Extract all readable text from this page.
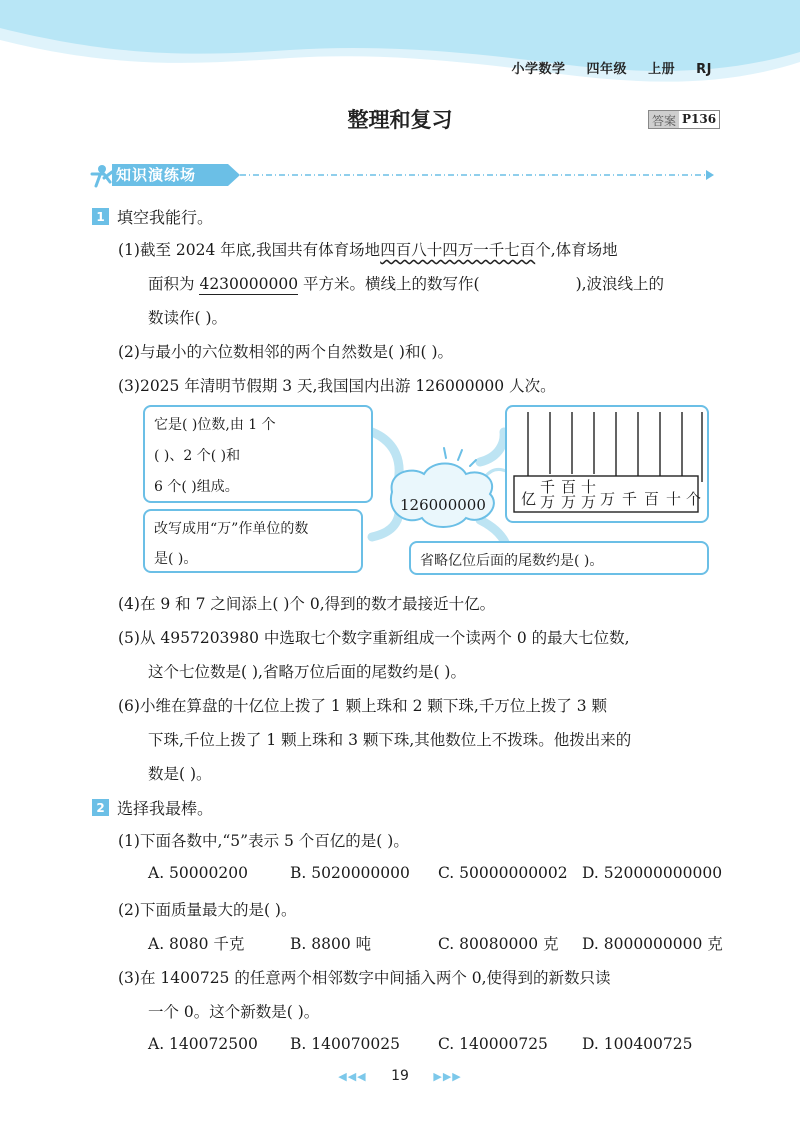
小学数学 四年级 上册 RJ
整理和复习	答案 P136
知识演练场
1 填空我能行。
(1)截至 2024 年底,我国共有体育场地四百八十四万一千七百个,体育场地
面积为 4230000000 平方米。横线上的数写作(	),波浪线上的
数读作( )。
(2)与最小的六位数相邻的两个自然数是( )和( )。
(3)2025 年清明节假期 3 天,我国国内出游 126000000 人次。
它是( )位数,由 1 个
( )、2 个( )和
6 个( )组成。
改写成用“万”作单位的数
是( )。
126000000
省略亿位后面的尾数约是( )。
亿
千万
百万
十万 万 千 百 十 个
(4)在 9 和 7 之间添上( )个 0,得到的数才最接近十亿。
(5)从 4957203980 中选取七个数字重新组成一个读两个 0 的最大七位数,
这个七位数是( ),省略万位后面的尾数约是( )。
(6)小维在算盘的十亿位上拨了 1 颗上珠和 2 颗下珠,千万位上拨了 3 颗
下珠,千位上拨了 1 颗上珠和 3 颗下珠,其他数位上不拨珠。他拨出来的
数是( )。
2 选择我最棒。
(1)下面各数中,“5”表示 5 个百亿的是( )。
A. 50000200	B. 5020000000 C. 50000000002 D. 520000000000
(2)下面质量最大的是( )。
A. 8080 千克	B. 8800 吨	C. 80080000 克 D. 8000000000 克
(3)在 1400725 的任意两个相邻数字中间插入两个 0,使得到的新数只读
一个 0。这个新数是( )。
A. 140072500 B. 140070025 C. 140000725 D. 100400725
◀◀◀ 19 ▶▶▶
